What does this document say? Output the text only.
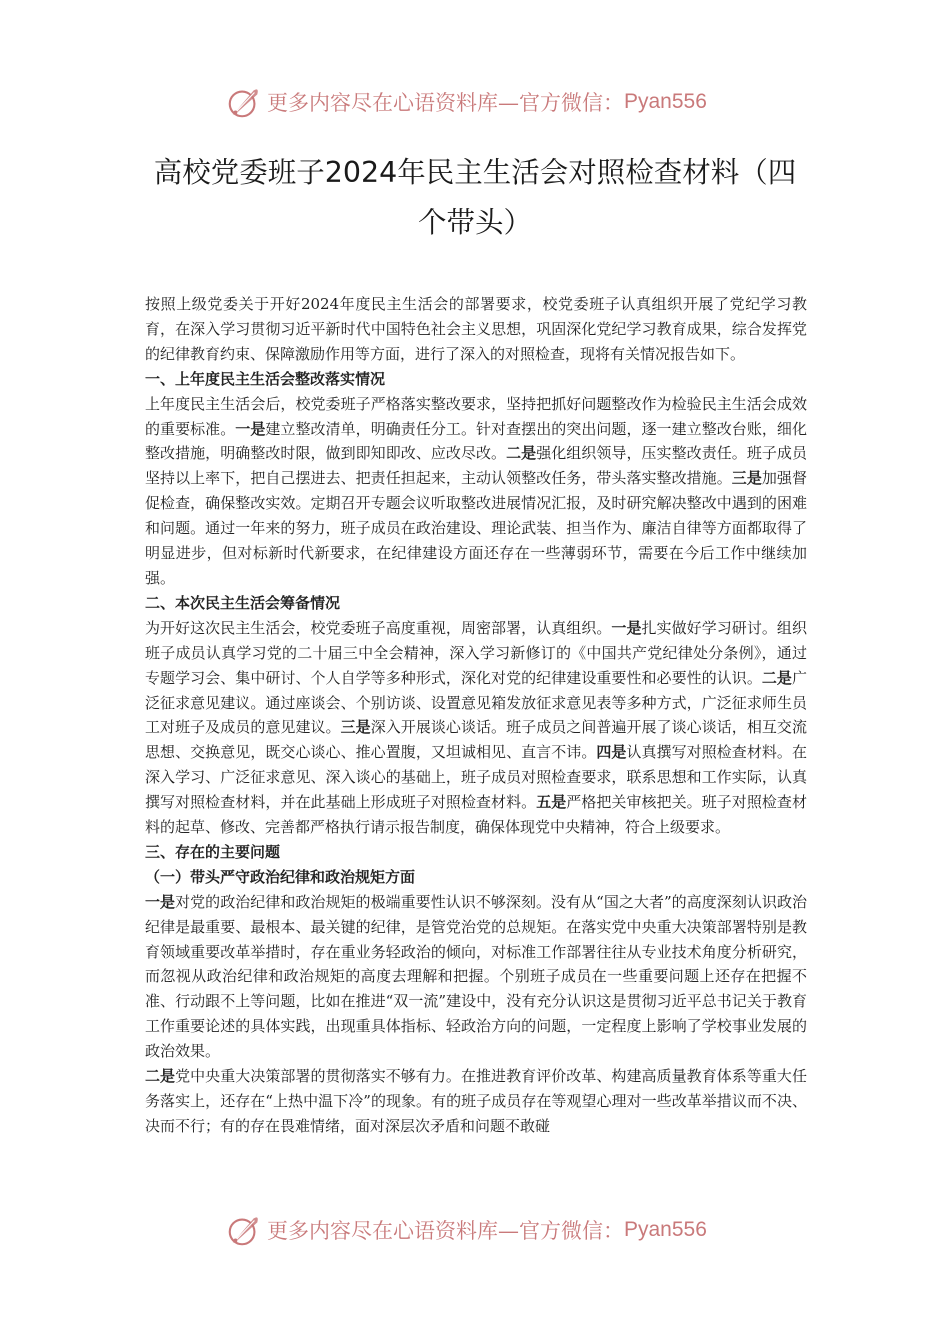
更多内容尽在心语资料库—官方微信： Pyan556
高校党委班子2024年民主生活会对照检查材料（四个带头）

按照上级党委关于开好2024年度民主生活会的部署要求，校党委班子认真组织开展了党纪学习教育，在深入学习贯彻习近平新时代中国特色社会主义思想，巩固深化党纪学习教育成果，综合发挥党的纪律教育约束、保障激励作用等方面，进行了深入的对照检查，现将有关情况报告如下。

一、上年度民主生活会整改落实情况

上年度民主生活会后，校党委班子严格落实整改要求，坚持把抓好问题整改作为检验民主生活会成效的重要标准。一是建立整改清单，明确责任分工。针对查摆出的突出问题，逐一建立整改台账，细化整改措施，明确整改时限，做到即知即改、应改尽改。二是强化组织领导，压实整改责任。班子成员坚持以上率下，把自己摆进去、把责任担起来，主动认领整改任务，带头落实整改措施。三是加强督促检查，确保整改实效。定期召开专题会议听取整改进展情况汇报，及时研究解决整改中遇到的困难和问题。通过一年来的努力，班子成员在政治建设、理论武装、担当作为、廉洁自律等方面都取得了明显进步，但对标新时代新要求，在纪律建设方面还存在一些薄弱环节，需要在今后工作中继续加强。

二、本次民主生活会筹备情况

为开好这次民主生活会，校党委班子高度重视，周密部署，认真组织。一是扎实做好学习研讨。组织班子成员认真学习党的二十届三中全会精神，深入学习新修订的《中国共产党纪律处分条例》，通过专题学习会、集中研讨、个人自学等多种形式，深化对党的纪律建设重要性和必要性的认识。二是广泛征求意见建议。通过座谈会、个别访谈、设置意见箱发放征求意见表等多种方式，广泛征求师生员工对班子及成员的意见建议。三是深入开展谈心谈话。班子成员之间普遍开展了谈心谈话，相互交流思想、交换意见，既交心谈心、推心置腹，又坦诚相见、直言不讳。四是认真撰写对照检查材料。在深入学习、广泛征求意见、深入谈心的基础上，班子成员对照检查要求，联系思想和工作实际，认真撰写对照检查材料，并在此基础上形成班子对照检查材料。五是严格把关审核把关。班子对照检查材料的起草、修改、完善都严格执行请示报告制度，确保体现党中央精神，符合上级要求。

三、存在的主要问题
（一）带头严守政治纪律和政治规矩方面

一是对党的政治纪律和政治规矩的极端重要性认识不够深刻。没有从“国之大者”的高度深刻认识政治纪律是最重要、最根本、最关键的纪律，是管党治党的总规矩。在落实党中央重大决策部署特别是教育领域重要改革举措时，存在重业务轻政治的倾向，对标准工作部署往往从专业技术角度分析研究，而忽视从政治纪律和政治规矩的高度去理解和把握。个别班子成员在一些重要问题上还存在把握不准、行动跟不上等问题，比如在推进“双一流”建设中，没有充分认识这是贯彻习近平总书记关于教育工作重要论述的具体实践，出现重具体指标、轻政治方向的问题，一定程度上影响了学校事业发展的政治效果。

二是党中央重大决策部署的贯彻落实不够有力。在推进教育评价改革、构建高质量教育体系等重大任务落实上，还存在“上热中温下冷”的现象。有的班子成员存在等观望心理对一些改革举措议而不决、决而不行；有的存在畏难情绪，面对深层次矛盾和问题不敢碰

更多内容尽在心语资料库—官方微信： Pyan556
